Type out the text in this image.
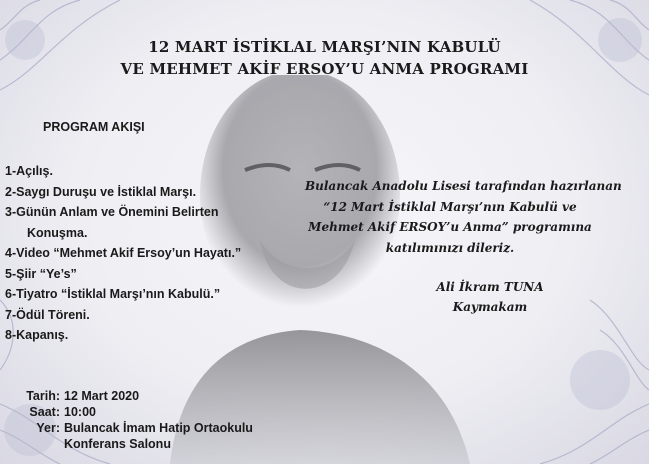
12 MART İSTİKLAL MARŞI’NIN KABULÜ
VE MEHMET AKİF ERSOY’U ANMA PROGRAMI
PROGRAM AKIŞI
1-Açılış.
2-Saygı Duruşu ve İstiklal Marşı.
3-Günün Anlam ve Önemini Belirten
Konuşma.
4-Video “Mehmet Akif Ersoy’un Hayatı.”
5-Şiir “Ye’s”
6-Tiyatro “İstiklal Marşı’nın Kabulü.”
7-Ödül Töreni.
8-Kapanış.
Bulancak Anadolu Lisesi tarafından hazırlanan
“12 Mart İstiklal Marşı’nın Kabulü ve
Mehmet Akif ERSOY’u Anma” programına
katılımınızı dileriz.
Ali İkram TUNA
Kaymakam
Tarih: 12 Mart 2020
Saat: 10:00
Yer: Bulancak İmam Hatip Ortaokulu
Konferans Salonu
